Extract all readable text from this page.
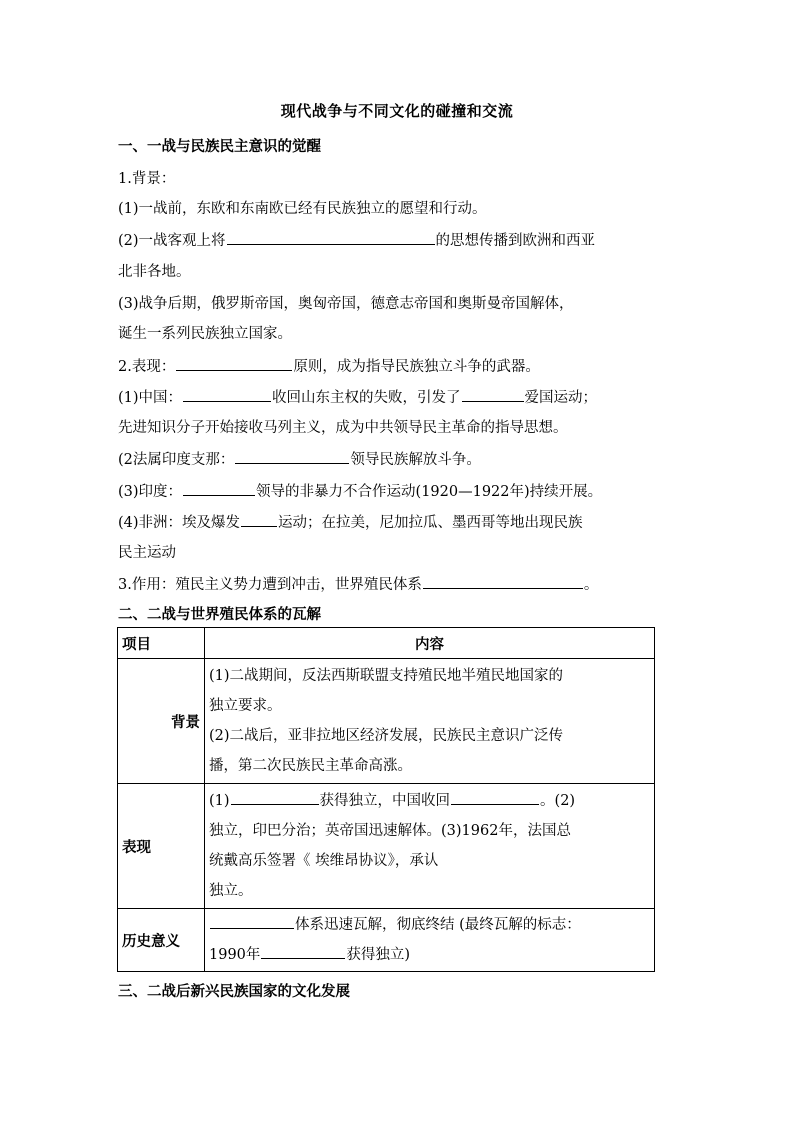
现代战争与不同文化的碰撞和交流
一、一战与民族民主意识的觉醒
1.背景：
(1)一战前，东欧和东南欧已经有民族独立的愿望和行动。
(2)一战客观上将	的思想传播到欧洲和西亚
北非各地。
(3)战争后期，俄罗斯帝国，奥匈帝国，德意志帝国和奥斯曼帝国解体，
诞生一系列民族独立国家。
2.表现：	原则，成为指导民族独立斗争的武器。
(1)中国：	收回山东主权的失败，引发了	爱国运动；
先进知识分子开始接收马列主义，成为中共领导民主革命的指导思想。
(2法属印度支那：	领导民族解放斗争。
(3)印度：	领导的非暴力不合作运动(1920—1922年)持续开展。
(4)非洲：埃及爆发	运动；在拉美，尼加拉瓜、墨西哥等地出现民族
民主运动
3.作用：殖民主义势力遭到冲击，世界殖民体系	。
二、二战与世界殖民体系的瓦解
项目	内容
背景	(1)二战期间，反法西斯联盟支持殖民地半殖民地国家的

独立要求。

(2)二战后，亚非拉地区经济发展，民族民主意识广泛传

播，第二次民族民主革命高涨。

表现	(1) 获得独立，中国收回 。(2)

独立，印巴分治；英帝国迅速解体。(3)1962年，法国总

统戴高乐签署《 埃维昂协议》，承认

独立。

历史意义	体系迅速瓦解，彻底终结 (最终瓦解的标志：

1990年 获得独立)

三、二战后新兴民族国家的文化发展
